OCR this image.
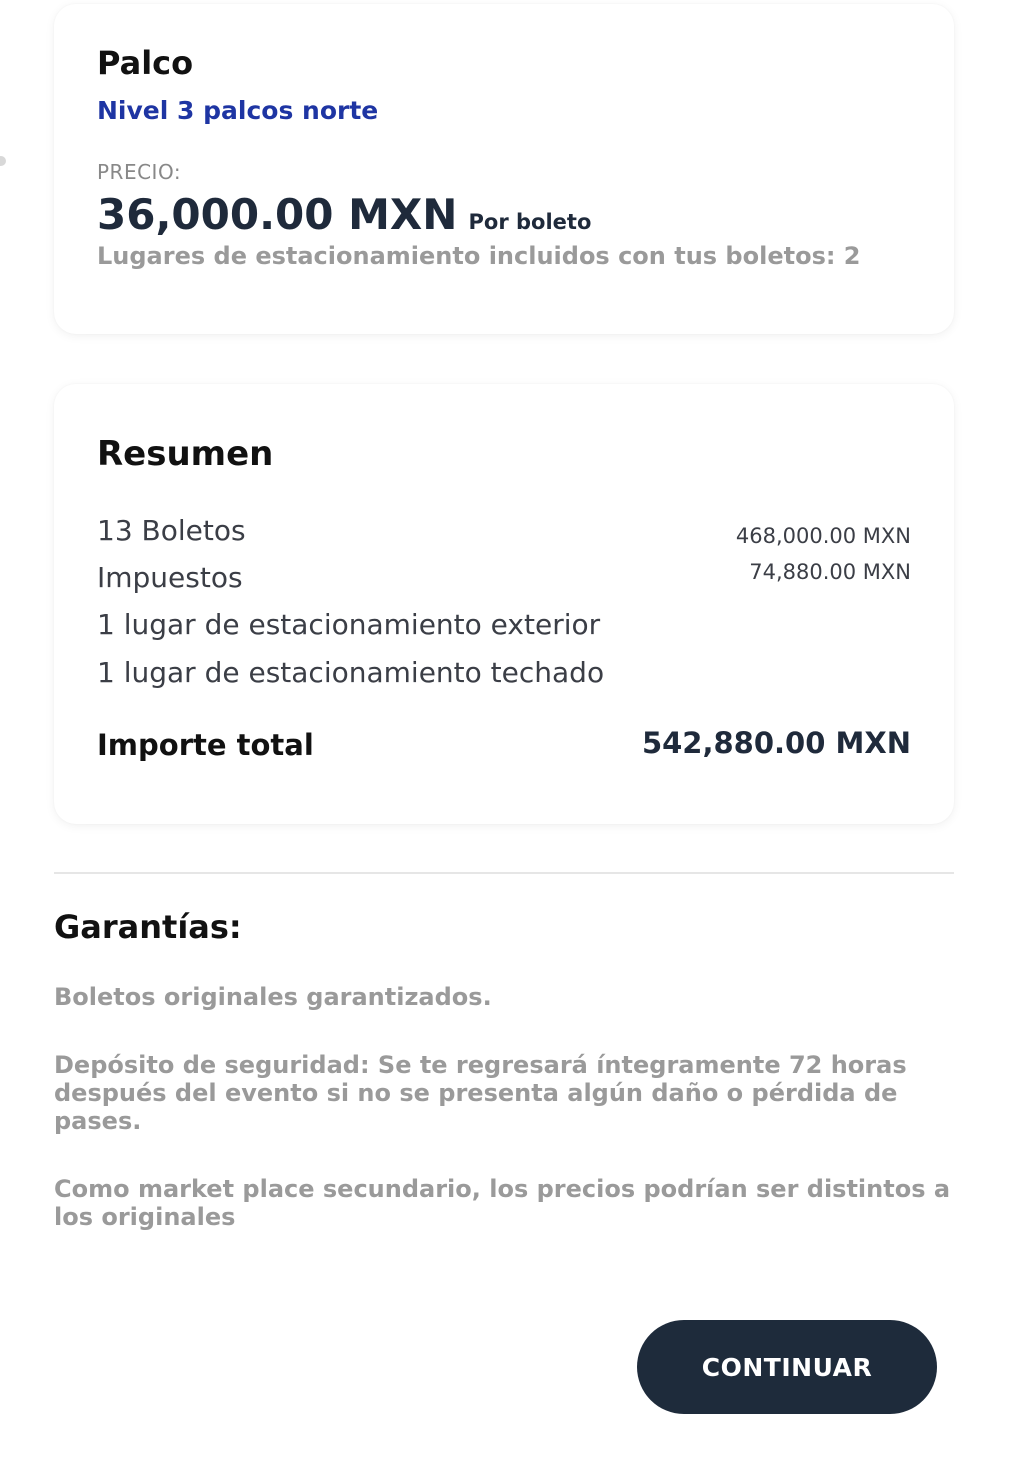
Palco
Nivel 3 palcos norte
PRECIO:
36,000.00 MXN Por boleto
Lugares de estacionamiento incluidos con tus boletos: 2
Resumen
13 Boletos	468,000.00 MXN
Impuestos	74,880.00 MXN
1 lugar de estacionamiento exterior
1 lugar de estacionamiento techado
Importe total	542,880.00 MXN
Garantías:

Boletos originales garantizados.

Depósito de seguridad: Se te regresará íntegramente 72 horas después del evento si no se presenta algún daño o pérdida de pases.

Como market place secundario, los precios podrían ser distintos a los originales

CONTINUAR
